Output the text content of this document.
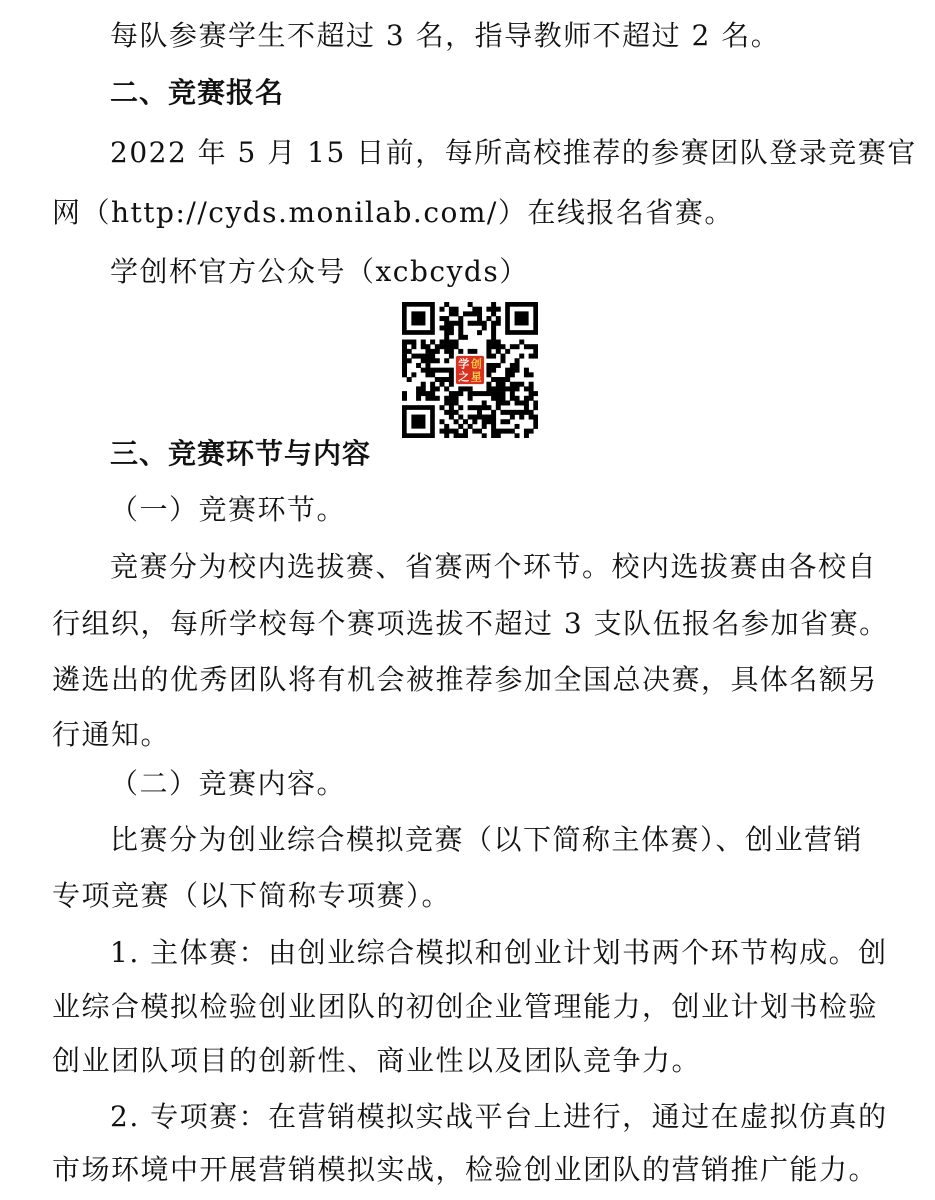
每队参赛学生不超过 3 名，指导教师不超过 2 名。

二、竞赛报名

2022 年 5 月 15 日前，每所高校推荐的参赛团队登录竞赛官

网（http://cyds.monilab.com/）在线报名省赛。

学创杯官方公众号（xcbcyds）

学 创
之 星

三、竞赛环节与内容

（一）竞赛环节。

竞赛分为校内选拔赛、省赛两个环节。校内选拔赛由各校自

行组织，每所学校每个赛项选拔不超过 3 支队伍报名参加省赛。

遴选出的优秀团队将有机会被推荐参加全国总决赛，具体名额另

行通知。

（二）竞赛内容。

比赛分为创业综合模拟竞赛（以下简称主体赛）、创业营销

专项竞赛（以下简称专项赛）。

1. 主体赛：由创业综合模拟和创业计划书两个环节构成。创

业综合模拟检验创业团队的初创企业管理能力，创业计划书检验

创业团队项目的创新性、商业性以及团队竞争力。

2. 专项赛：在营销模拟实战平台上进行，通过在虚拟仿真的

市场环境中开展营销模拟实战，检验创业团队的营销推广能力。
